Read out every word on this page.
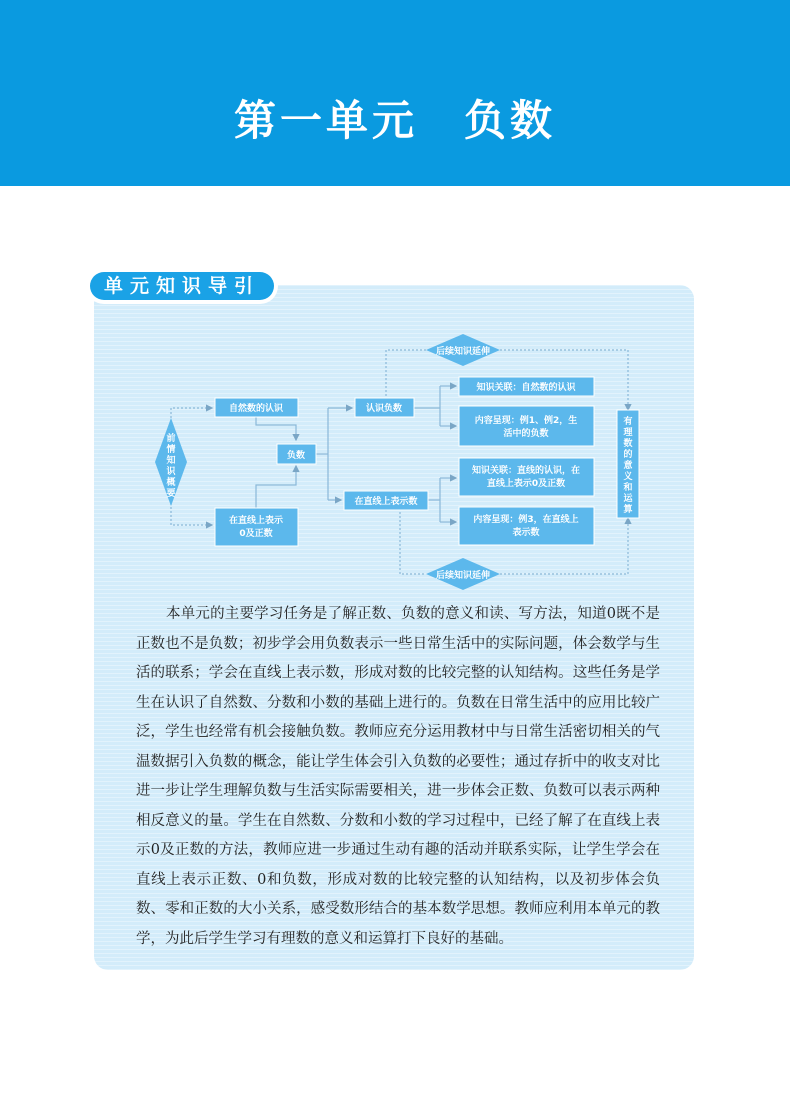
第一单元　负数
单元知识导引
前
情
知
识
概
要
自然数的认识
在直线上表示
0及正数
负数
认识负数
在直线上表示数
后续知识延伸
后续知识延伸
知识关联：自然数的认识
内容呈现：例1、例2，生
活中的负数
知识关联：直线的认识，在
直线上表示0及正数
内容呈现：例3，在直线上
表示数
有
理
数
的
意
义
和
运
算

本单元的主要学习任务是了解正数、负数的意义和读、写方法，知道0既不是正数也不是负数；初步学会用负数表示一些日常生活中的实际问题，体会数学与生活的联系；学会在直线上表示数，形成对数的比较完整的认知结构。这些任务是学生在认识了自然数、分数和小数的基础上进行的。负数在日常生活中的应用比较广泛，学生也经常有机会接触负数。教师应充分运用教材中与日常生活密切相关的气温数据引入负数的概念，能让学生体会引入负数的必要性；通过存折中的收支对比进一步让学生理解负数与生活实际需要相关，进一步体会正数、负数可以表示两种相反意义的量。学生在自然数、分数和小数的学习过程中，已经了解了在直线上表示0及正数的方法，教师应进一步通过生动有趣的活动并联系实际，让学生学会在直线上表示正数、0和负数，形成对数的比较完整的认知结构，以及初步体会负数、零和正数的大小关系，感受数形结合的基本数学思想。教师应利用本单元的教学，为此后学生学习有理数的意义和运算打下良好的基础。
